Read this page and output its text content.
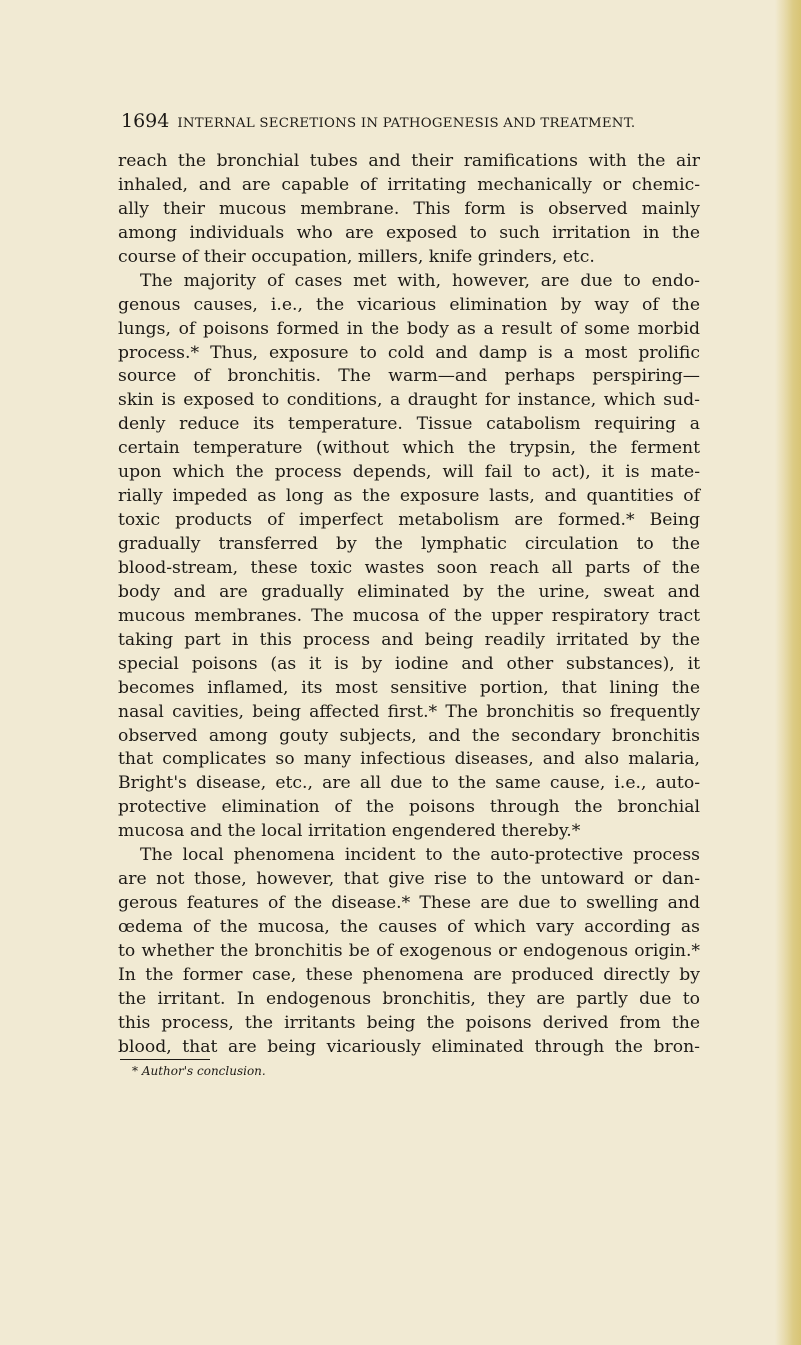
1694 INTERNAL SECRETIONS IN PATHOGENESIS AND TREATMENT.
reach the bronchial tubes and their ramifications with the air
inhaled, and are capable of irritating mechanically or chemic-
ally their mucous membrane. This form is observed mainly
among individuals who are exposed to such irritation in the
course of their occupation, millers, knife grinders, etc.
The majority of cases met with, however, are due to endo-
genous causes, i.e., the vicarious elimination by way of the
lungs, of poisons formed in the body as a result of some morbid
process.* Thus, exposure to cold and damp is a most prolific
source of bronchitis. The warm—and perhaps perspiring—
skin is exposed to conditions, a draught for instance, which sud-
denly reduce its temperature. Tissue catabolism requiring a
certain temperature (without which the trypsin, the ferment
upon which the process depends, will fail to act), it is mate-
rially impeded as long as the exposure lasts, and quantities of
toxic products of imperfect metabolism are formed.* Being
gradually transferred by the lymphatic circulation to the
blood-stream, these toxic wastes soon reach all parts of the
body and are gradually eliminated by the urine, sweat and
mucous membranes. The mucosa of the upper respiratory tract
taking part in this process and being readily irritated by the
special poisons (as it is by iodine and other substances), it
becomes inflamed, its most sensitive portion, that lining the
nasal cavities, being affected first.* The bronchitis so frequently
observed among gouty subjects, and the secondary bronchitis
that complicates so many infectious diseases, and also malaria,
Bright's disease, etc., are all due to the same cause, i.e., auto-
protective elimination of the poisons through the bronchial
mucosa and the local irritation engendered thereby.*
The local phenomena incident to the auto-protective process
are not those, however, that give rise to the untoward or dan-
gerous features of the disease.* These are due to swelling and
œdema of the mucosa, the causes of which vary according as
to whether the bronchitis be of exogenous or endogenous origin.*
In the former case, these phenomena are produced directly by
the irritant. In endogenous bronchitis, they are partly due to
this process, the irritants being the poisons derived from the
blood, that are being vicariously eliminated through the bron-
* Author's conclusion.
